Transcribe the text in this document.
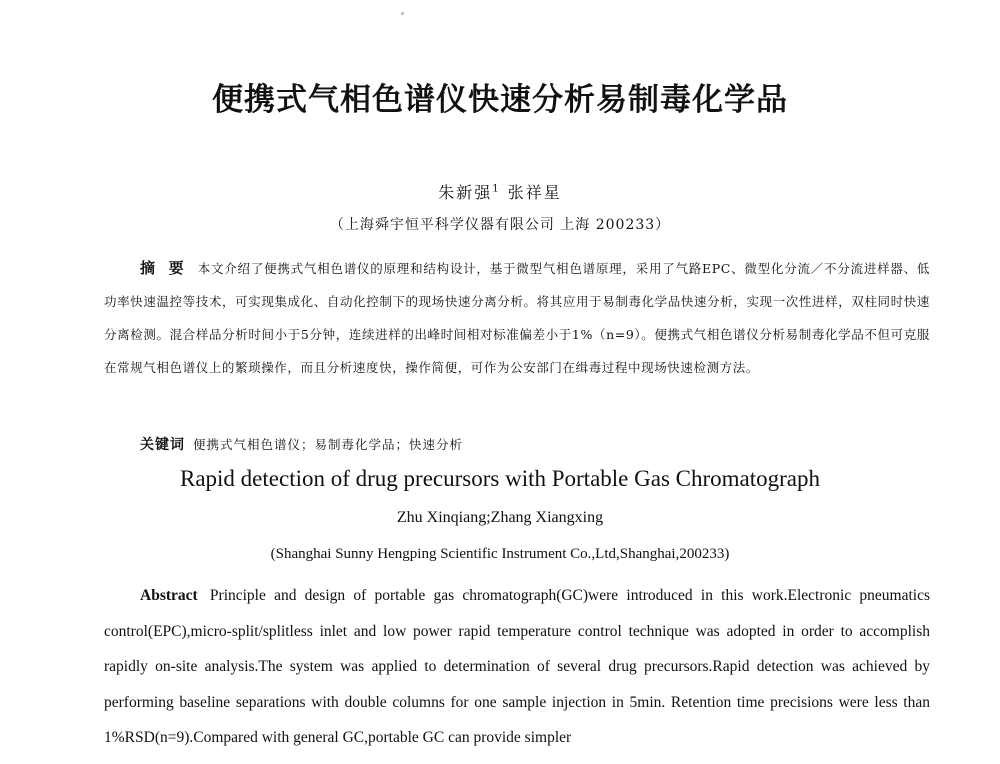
便携式气相色谱仪快速分析易制毒化学品
朱新强$^1$ 张祥星
（上海舜宇恒平科学仪器有限公司 上海 200233）
摘 要 本文介绍了便携式气相色谱仪的原理和结构设计，基于微型气相色谱原理，采用了气路EPC、微型化分流／不分流进样器、低功率快速温控等技术，可实现集成化、自动化控制下的现场快速分离分析。将其应用于易制毒化学品快速分析，实现一次性进样，双柱同时快速分离检测。混合样品分析时间小于5分钟，连续进样的出峰时间相对标准偏差小于1%（n=9）。便携式气相色谱仪分析易制毒化学品不但可克服在常规气相色谱仪上的繁琐操作，而且分析速度快，操作简便，可作为公安部门在缉毒过程中现场快速检测方法。
关键词 便携式气相色谱仪；易制毒化学品；快速分析
Rapid detection of drug precursors with Portable Gas Chromatograph
Zhu Xinqiang;Zhang Xiangxing
(Shanghai Sunny Hengping Scientific Instrument Co.,Ltd,Shanghai,200233)
Abstract Principle and design of portable gas chromatograph(GC)were introduced in this work.Electronic pneumatics control(EPC),micro-split/splitless inlet and low power rapid temperature control technique was adopted in order to accomplish rapidly on-site analysis.The system was applied to determination of several drug precursors.Rapid detection was achieved by performing baseline separations with double columns for one sample injection in 5min. Retention time precisions were less than 1%RSD(n=9).Compared with general GC,portable GC can provide simpler
